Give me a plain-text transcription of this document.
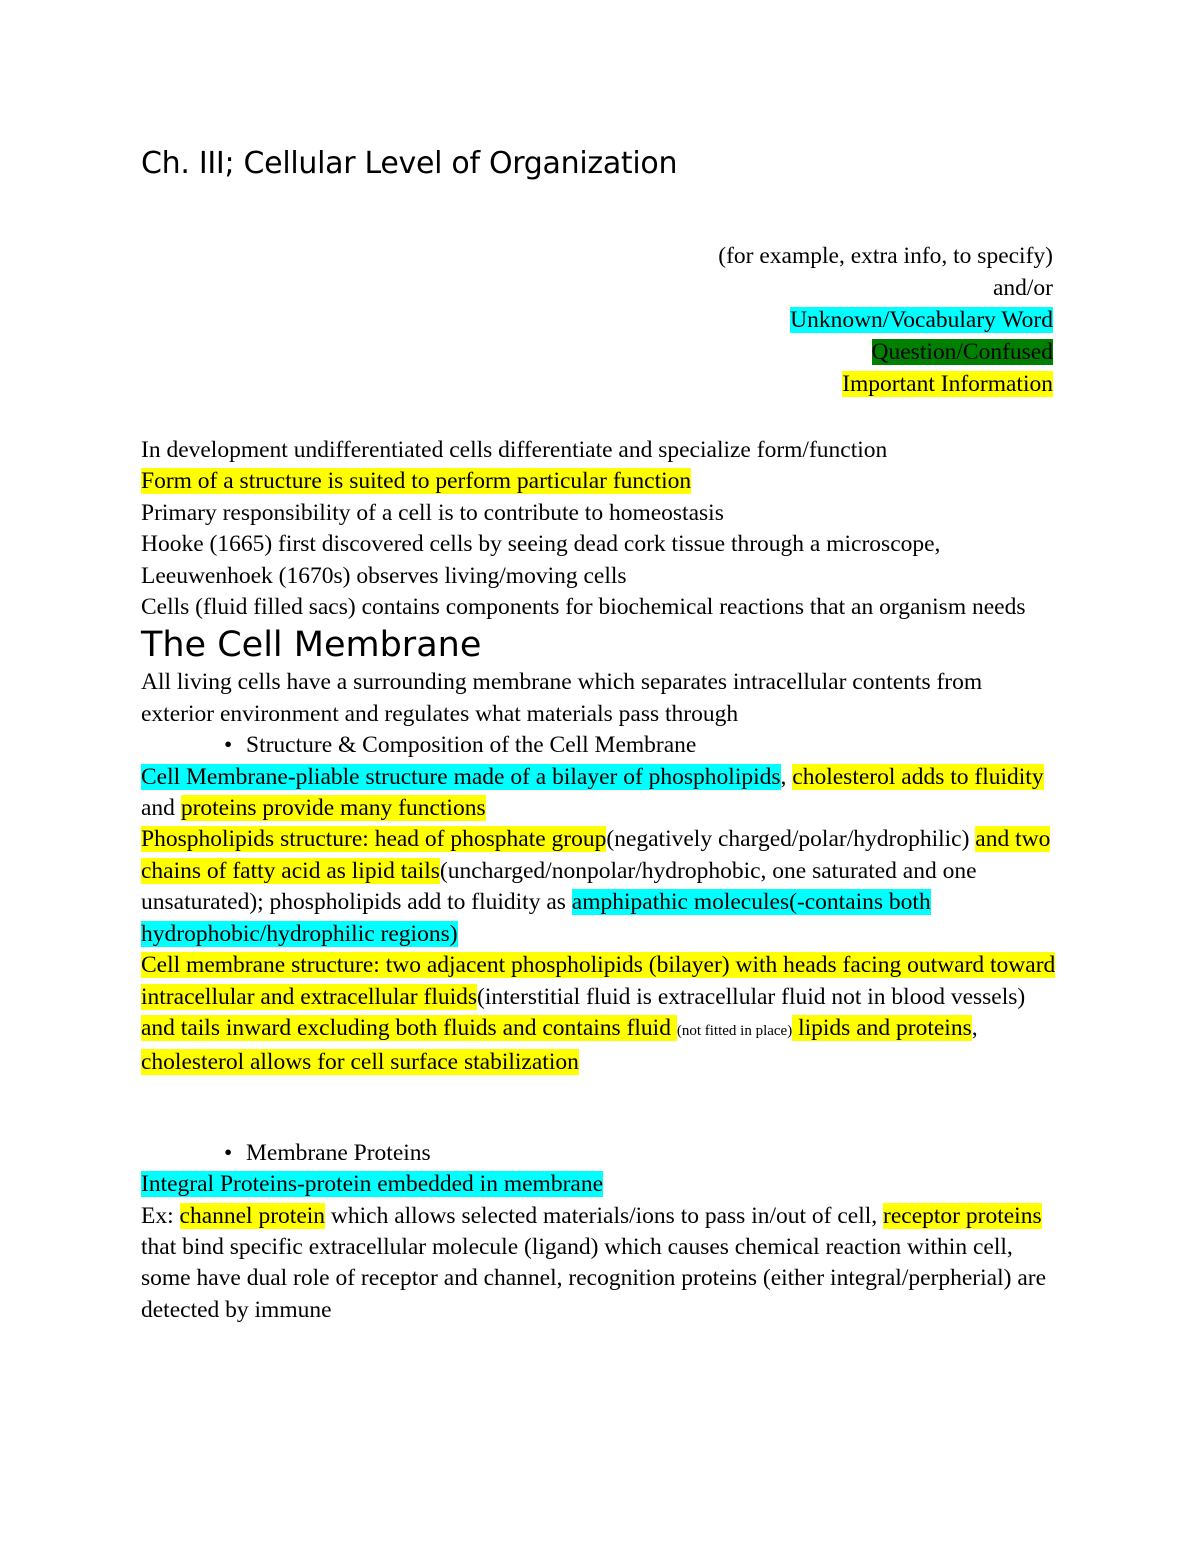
Ch. III; Cellular Level of Organization
(for example, extra info, to specify)
and/or
Unknown/Vocabulary Word
Question/Confused
Important Information

In development undifferentiated cells differentiate and specialize form/function

Form of a structure is suited to perform particular function

Primary responsibility of a cell is to contribute to homeostasis

Hooke (1665) first discovered cells by seeing dead cork tissue through a microscope, Leeuwenhoek (1670s) observes living/moving cells

Cells (fluid filled sacs) contains components for biochemical reactions that an organism needs

The Cell Membrane

All living cells have a surrounding membrane which separates intracellular contents from exterior environment and regulates what materials pass through

• Structure & Composition of the Cell Membrane

Cell Membrane-pliable structure made of a bilayer of phospholipids, cholesterol adds to fluidity and proteins provide many functions

Phospholipids structure: head of phosphate group(negatively charged/polar/hydrophilic) and two chains of fatty acid as lipid tails(uncharged/nonpolar/hydrophobic, one saturated and one unsaturated); phospholipids add to fluidity as amphipathic molecules(-contains both hydrophobic/hydrophilic regions)

Cell membrane structure: two adjacent phospholipids (bilayer) with heads facing outward toward intracellular and extracellular fluids(interstitial fluid is extracellular fluid not in blood vessels) and tails inward excluding both fluids and contains fluid (not fitted in place) lipids and proteins, cholesterol allows for cell surface stabilization

• Membrane Proteins

Integral Proteins-protein embedded in membrane

Ex: channel protein which allows selected materials/ions to pass in/out of cell, receptor proteins that bind specific extracellular molecule (ligand) which causes chemical reaction within cell, some have dual role of receptor and channel, recognition proteins (either integral/perpherial) are detected by immune
